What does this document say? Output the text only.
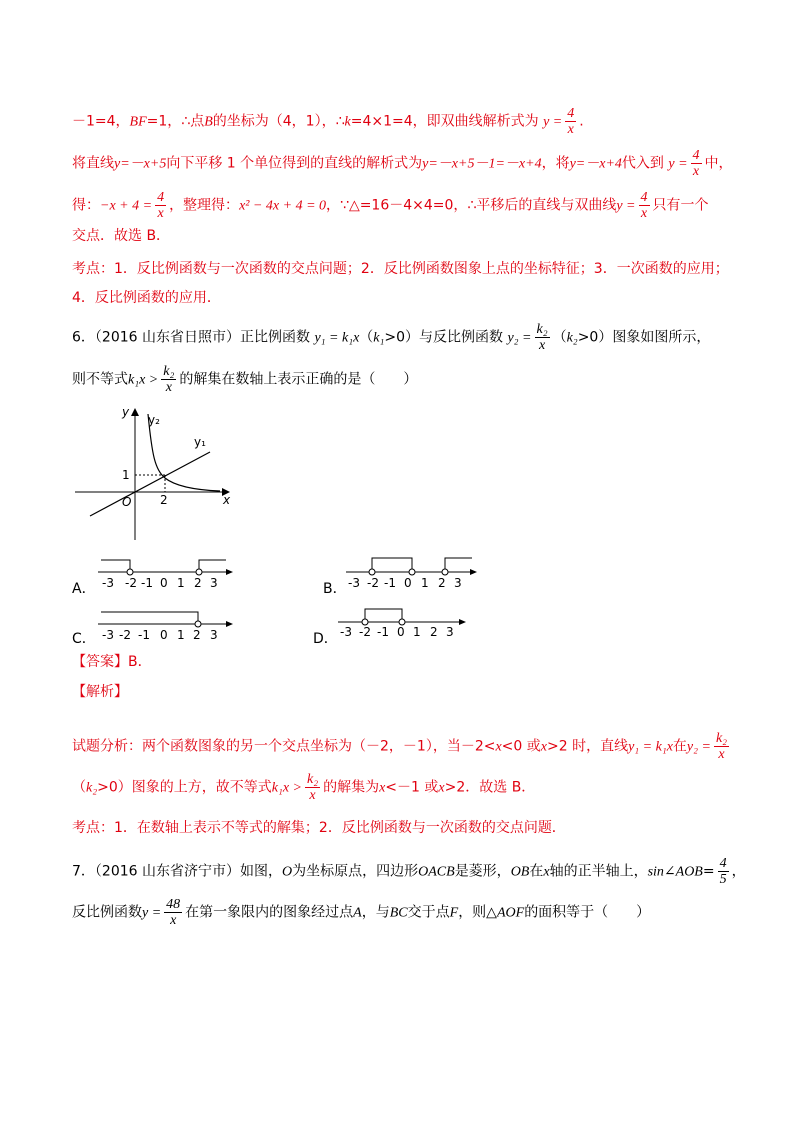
－1=4，BF=1，∴点B的坐标为（4，1），∴k=4×1=4，即双曲线解析式为 $y = \frac{4}{x}$ .
将直线y=－x+5向下平移 1 个单位得到的直线的解析式为y=－x+5－1=－x+4，将y=－x+4代入到 $y = \frac{4}{x}$ 中，
得：$-x + 4 = \frac{4}{x}$ ，整理得：x² − 4x + 4 = 0，∵△=16－4×4=0，∴平移后的直线与双曲线$y = \frac{4}{x}$ 只有一个
交点．故选 B．
考点：1．反比例函数与一次函数的交点问题；2．反比例函数图象上点的坐标特征；3．一次函数的应用；
4．反比例函数的应用．
6．（2016 山东省日照市）正比例函数 y₁ = k₁x（k₁>0）与反比例函数 $y_2 = \frac{\text{k₂}}{x} (k_2>0)$图象如图所示，
则不等式$k_1x > \frac{\text{k₂}}{x}$ 的解集在数轴上表示正确的是（　　）
y
y₂
y₁
1
2
O	x
A． -3 -2 -1 0 1 2 3	B． -3 -2 -1 0 1 2 3
C． -3 -2 -1 0 1 2 3	D． -3 -2 -1 0 1 2 3
【答案】B．
【解析】
试题分析：两个函数图象的另一个交点坐标为（－2，－1），当－2<x<0 或x>2 时，直线y₁ = k₁x在$y_2 = \frac{\text{k₂}}{x}$
（k₂>0）图象的上方，故不等式$k_1x > \frac{\text{k₂}}{x}$ 的解集为x<－1 或x>2．故选 B．
考点：1．在数轴上表示不等式的解集；2．反比例函数与一次函数的交点问题．
7．（2016 山东省济宁市）如图，O为坐标原点，四边形OACB是菱形，OB在x轴的正半轴上，sin∠AOB= $\frac{4}{5}$ ，
反比例函数$y = \frac{48}{x}$ 在第一象限内的图象经过点A，与BC交于点F，则△AOF的面积等于（　　）
